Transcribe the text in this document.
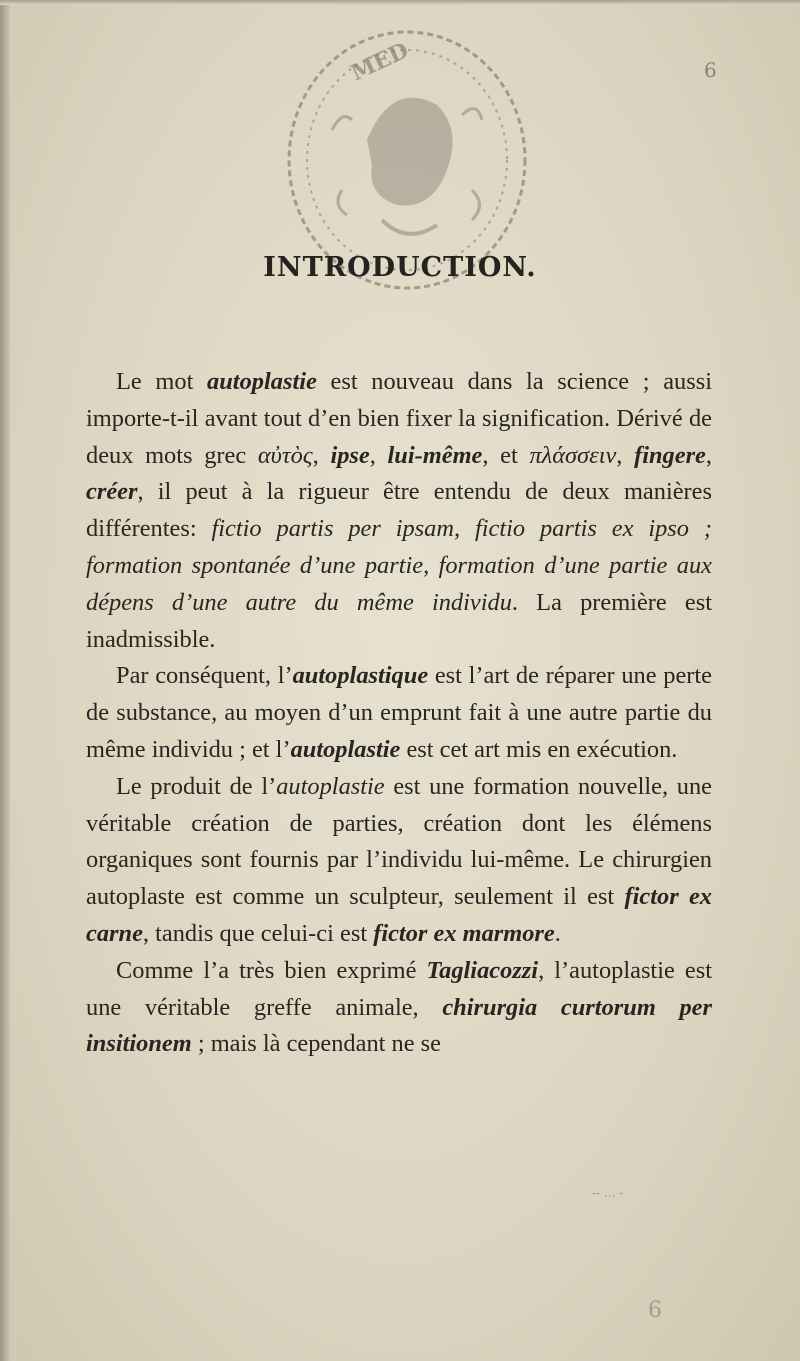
6
MED
INTRODUCTION.

Le mot autoplastie est nouveau dans la science ; aussi importe-t-il avant tout d’en bien fixer la signification. Dérivé de deux mots grec αὐτὸς, ipse, lui-même, et πλάσσειν, fingere, créer, il peut à la rigueur être entendu de deux manières différentes: fictio partis per ipsam, fictio partis ex ipso ; formation spontanée d’une partie, formation d’une partie aux dépens d’une autre du même individu. La première est inadmissible.

Par conséquent, l’autoplastique est l’art de réparer une perte de substance, au moyen d’un emprunt fait à une autre partie du même individu ; et l’autoplastie est cet art mis en exécution.

Le produit de l’autoplastie est une formation nouvelle, une véritable création de parties, création dont les élémens organiques sont fournis par l’individu lui-même. Le chirurgien autoplaste est comme un sculpteur, seulement il est fictor ex carne, tandis que celui-ci est fictor ex marmore.

Comme l’a très bien exprimé Tagliacozzi, l’autoplastie est une véritable greffe animale, chirurgia curtorum per insitionem ; mais là cependant ne se

-- ... -
6
